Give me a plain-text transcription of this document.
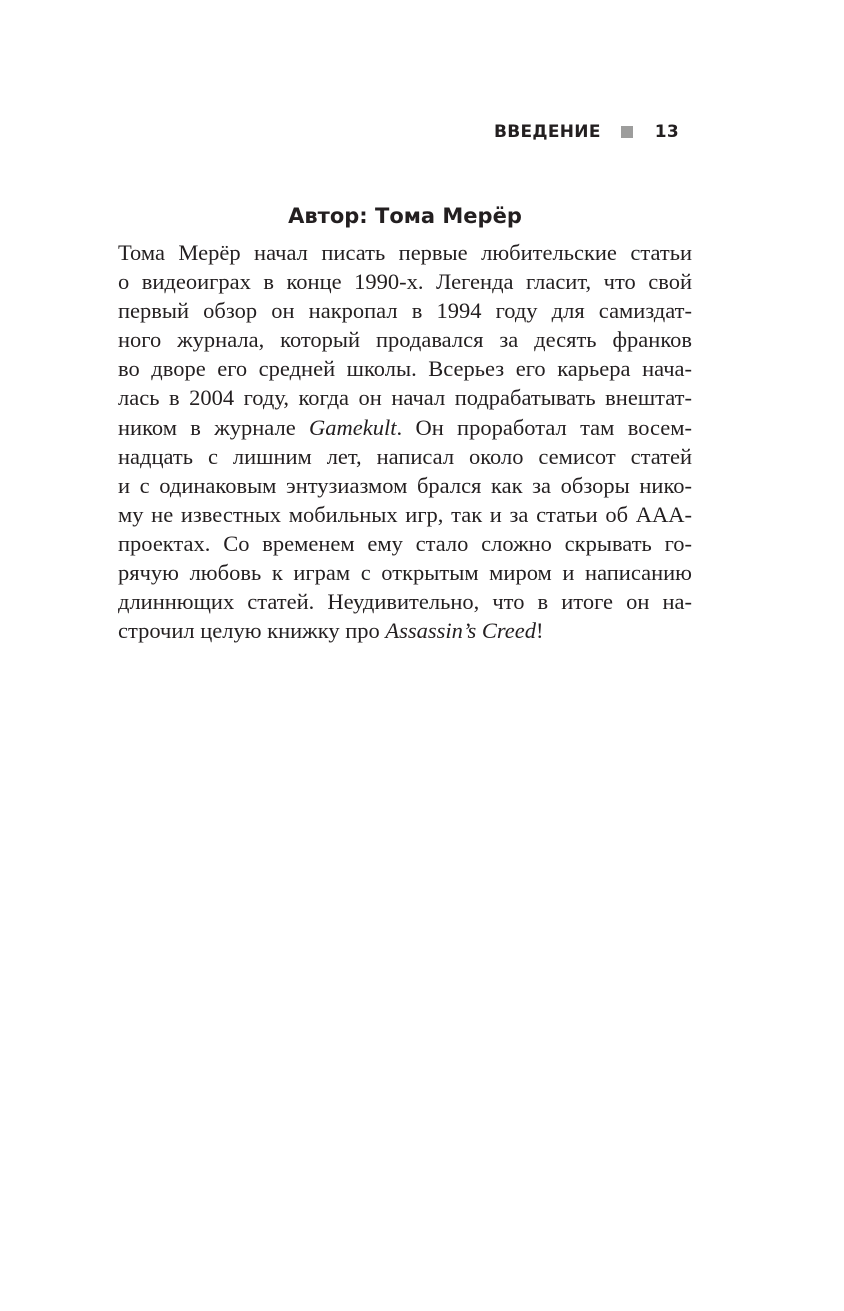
ВВЕДЕНИЕ	13
Автор: Тома Мерёр
Тома Мерёр начал писать первые любительские статьи
о видеоиграх в конце 1990-х. Легенда гласит, что свой
первый обзор он накропал в 1994 году для самиздат-
ного журнала, который продавался за десять франков
во дворе его средней школы. Всерьез его карьера нача-
лась в 2004 году, когда он начал подрабатывать внештат-
ником в журнале Gamekult. Он проработал там восем-
надцать с лишним лет, написал около семисот статей
и с одинаковым энтузиазмом брался как за обзоры нико-
му не известных мобильных игр, так и за статьи об AAA-
проектах. Со временем ему стало сложно скрывать го-
рячую любовь к играм с открытым миром и написанию
длиннющих статей. Неудивительно, что в итоге он на-
строчил целую книжку про Assassin’s Creed!
